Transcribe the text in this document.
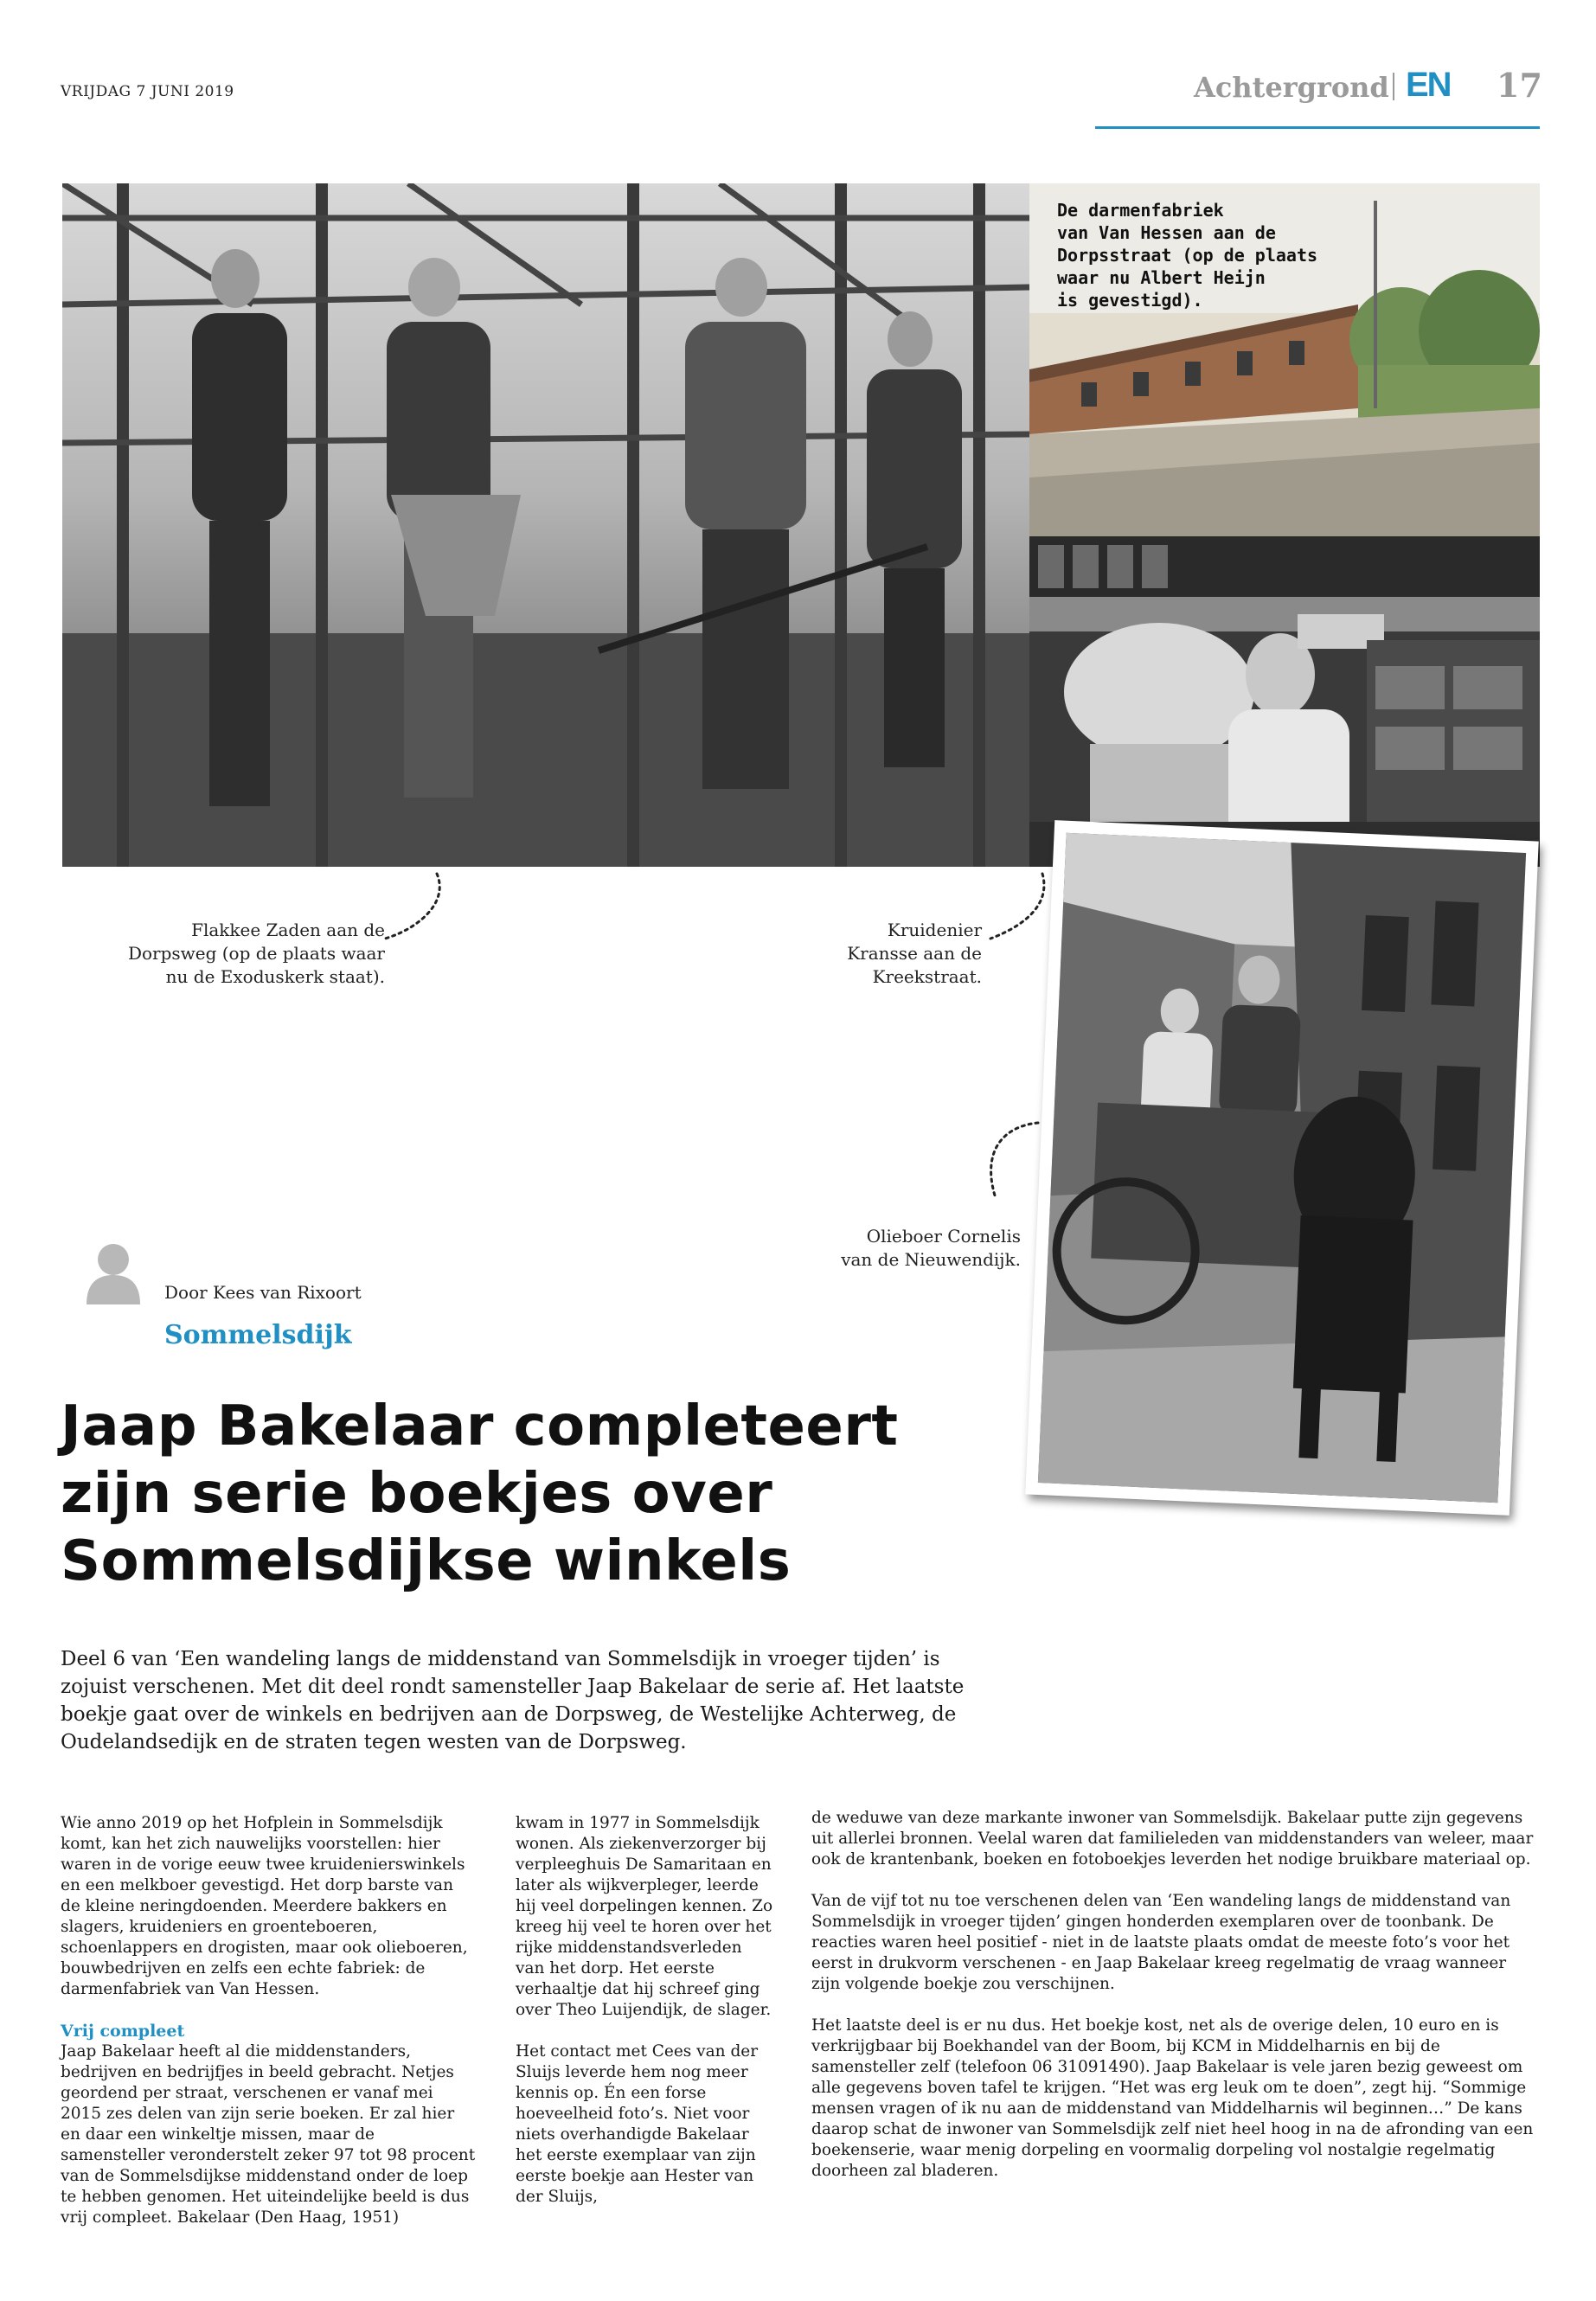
VRIJDAG 7 JUNI 2019	Achtergrond EN 17
De darmenfabriek
van Van Hessen aan de
Dorpsstraat (op de plaats
waar nu Albert Heijn
is gevestigd).
Flakkee Zaden aan de
Dorpsweg (op de plaats waar
nu de Exoduskerk staat).
Kruidenier
Kransse aan de
Kreekstraat.
Olieboer Cornelis
van de Nieuwendijk.
Door Kees van Rixoort
Sommelsdijk
Jaap Bakelaar completeert
zijn serie boekjes over
Sommelsdijkse winkels

Deel 6 van ‘Een wandeling langs de middenstand van Sommelsdijk in vroeger tijden’ is zojuist verschenen. Met dit deel rondt samensteller Jaap Bakelaar de serie af. Het laatste boekje gaat over de winkels en bedrijven aan de Dorpsweg, de Westelijke Achterweg, de Oudelandsedijk en de straten tegen westen van de Dorpsweg.

Wie anno 2019 op het Hofplein in Sommelsdijk komt, kan het zich nauwelijks voorstellen: hier waren in de vorige eeuw twee kruidenierswinkels en een melkboer gevestigd. Het dorp barste van de kleine neringdoenden. Meerdere bakkers en slagers, kruideniers en groenteboeren, schoenlappers en drogisten, maar ook olieboeren, bouwbedrijven en zelfs een echte fabriek: de darmenfabriek van Van Hessen.

Vrij compleet

Jaap Bakelaar heeft al die middenstanders, bedrijven en bedrijfjes in beeld gebracht. Netjes geordend per straat, verschenen er vanaf mei 2015 zes delen van zijn serie boeken. Er zal hier en daar een winkeltje missen, maar de samensteller veronderstelt zeker 97 tot 98 procent van de Sommelsdijkse middenstand onder de loep te hebben genomen. Het uiteindelijke beeld is dus vrij compleet. Bakelaar (Den Haag, 1951)

kwam in 1977 in Sommelsdijk wonen. Als ziekenverzorger bij verpleeghuis De Samaritaan en later als wijkverpleger, leerde hij veel dorpelingen kennen. Zo kreeg hij veel te horen over het rijke middenstandsverleden van het dorp. Het eerste verhaaltje dat hij schreef ging over Theo Luijendijk, de slager.

Het contact met Cees van der Sluijs leverde hem nog meer kennis op. Én een forse hoeveelheid foto’s. Niet voor niets overhandigde Bakelaar het eerste exemplaar van zijn eerste boekje aan Hester van der Sluijs,

de weduwe van deze markante inwoner van Sommelsdijk. Bakelaar putte zijn gegevens uit allerlei bronnen. Veelal waren dat familieleden van middenstanders van weleer, maar ook de krantenbank, boeken en fotoboekjes leverden het nodige bruikbare materiaal op.

Van de vijf tot nu toe verschenen delen van ‘Een wandeling langs de middenstand van Sommelsdijk in vroeger tijden’ gingen honderden exemplaren over de toonbank. De reacties waren heel positief - niet in de laatste plaats omdat de meeste foto’s voor het eerst in drukvorm verschenen - en Jaap Bakelaar kreeg regelmatig de vraag wanneer zijn volgende boekje zou verschijnen.

Het laatste deel is er nu dus. Het boekje kost, net als de overige delen, 10 euro en is verkrijgbaar bij Boekhandel van der Boom, bij KCM in Middelharnis en bij de samensteller zelf (telefoon 06 31091490). Jaap Bakelaar is vele jaren bezig geweest om alle gegevens boven tafel te krijgen. “Het was erg leuk om te doen”, zegt hij. “Sommige mensen vragen of ik nu aan de middenstand van Middelharnis wil beginnen…” De kans daarop schat de inwoner van Sommelsdijk zelf niet heel hoog in na de afronding van een boekenserie, waar menig dorpeling en voormalig dorpeling vol nostalgie regelmatig doorheen zal bladeren.
